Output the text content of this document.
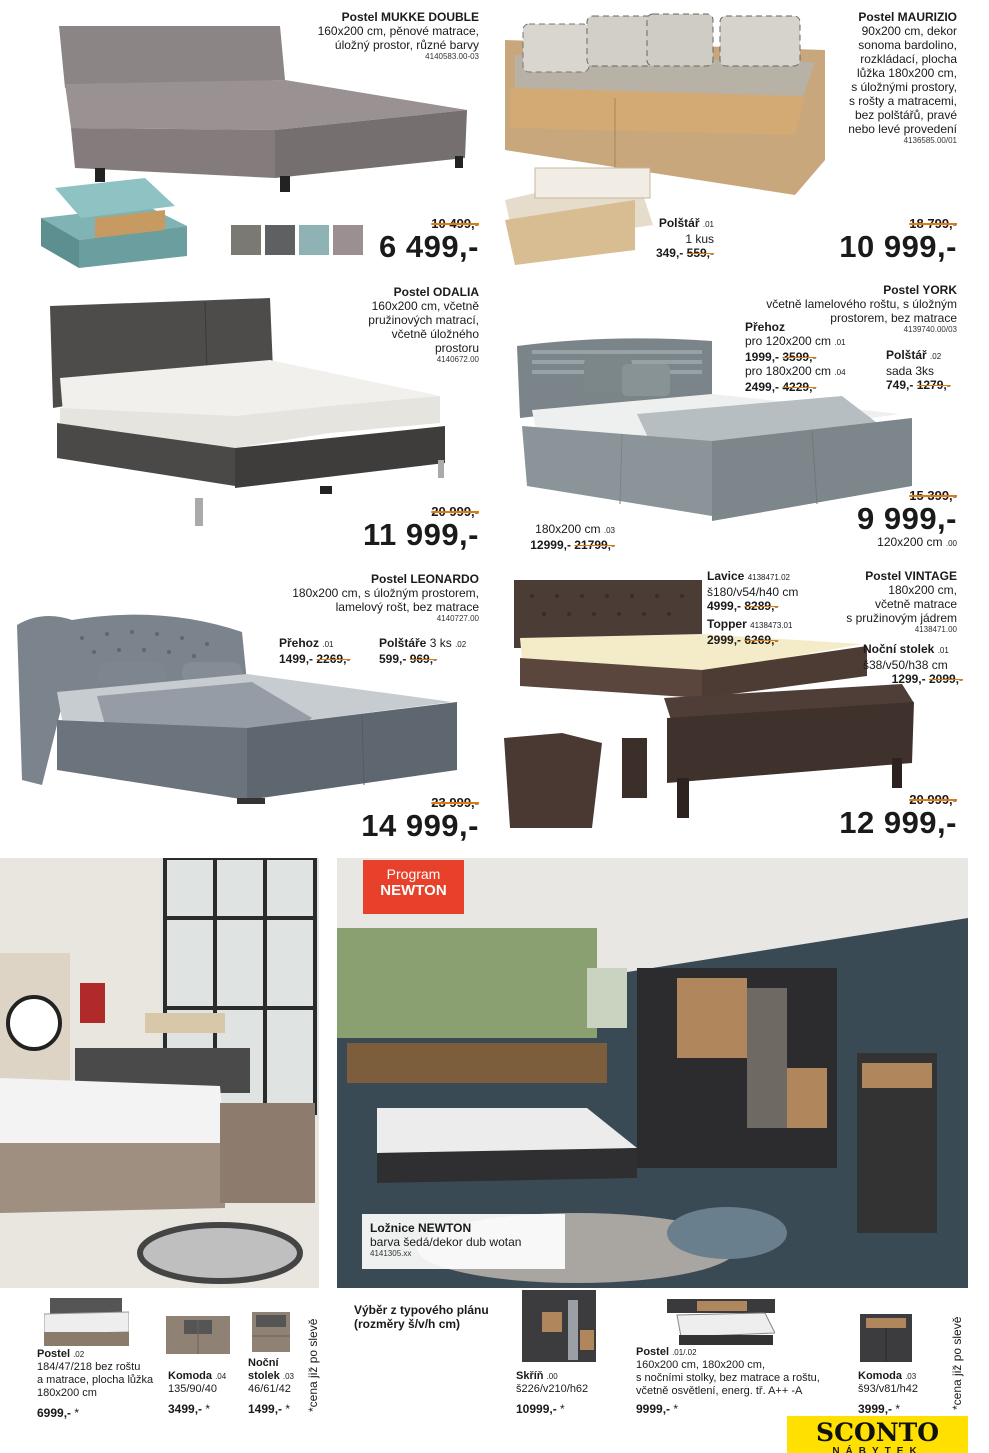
Postel MUKKE DOUBLE
160x200 cm, pěnové matrace,
úložný prostor, různé barvy
4140583.00-03
10 499,-
6 499,-
Postel MAURIZIO
90x200 cm, dekor
sonoma bardolino,
rozkládací, plocha
lůžka 180x200 cm,
s úložnými prostory,
s rošty a matracemi,
bez polštářů, pravé
nebo levé provedení
4136585.00/01
Polštář .01
1 kus
349,- 559,-
18 799,-
10 999,-
Postel ODALIA
160x200 cm, včetně
pružinových matrací,
včetně úložného
prostoru
4140672.00
20 999,-
11 999,-
Postel YORK
včetně lamelového roštu, s úložným
prostorem, bez matrace
4139740.00/03
Přehoz
pro 120x200 cm .01
1999,- 3599,-
pro 180x200 cm .04
2499,- 4229,-
Polštář .02
sada 3ks
749,- 1279,-
180x200 cm .03
12999,- 21799,-
15 399,-
9 999,-
120x200 cm .00
Postel LEONARDO
180x200 cm, s úložným prostorem,
lamelový rošt, bez matrace
4140727.00
Přehoz .01
1499,- 2269,-
Polštáře 3 ks .02
599,- 969,-
23 999,-
14 999,-
Lavice 4138471.02
š180/v54/h40 cm
4999,- 8289,-
Topper 4138473.01
2999,- 6269,-
Postel VINTAGE
180x200 cm,
včetně matrace
s pružinovým jádrem
4138471.00
Noční stolek .01
š38/v50/h38 cm
1299,- 2099,-
20 999,-
12 999,-
Program
NEWTON
Ložnice NEWTON
barva šedá/dekor dub wotan
4141305.xx
Postel .02
184/47/218 bez roštu
a matrace, plocha lůžka
180x200 cm
6999,- *
Komoda .04
135/90/40
3499,- *
Noční
stolek .03
46/61/42
1499,- *	*cena již po slevě
Výběr z typového plánu
(rozměry š/v/h cm)
Skříň .00
š226/v210/h62
10999,- *
Postel .01/.02
160x200 cm, 180x200 cm,
s nočními stolky, bez matrace a roštu,
včetně osvětlení, energ. tř. A++ -A
9999,- *
Komoda .03
š93/v81/h42
3999,- *	*cena již po slevě
SCONTO
NÁBYTEK
